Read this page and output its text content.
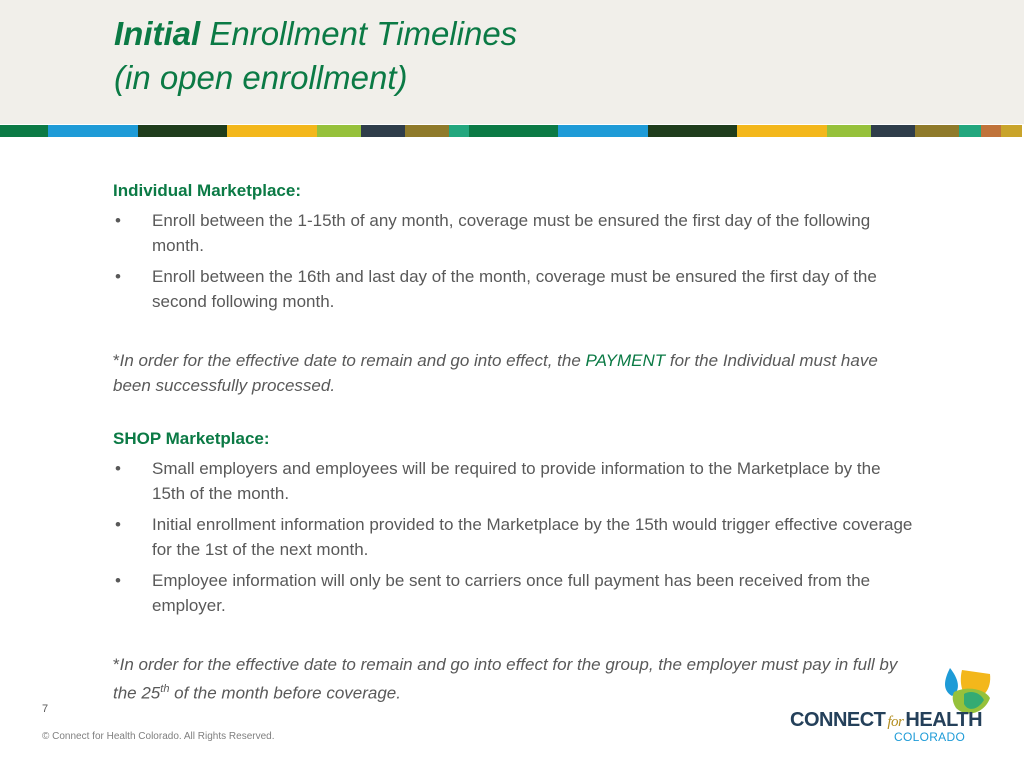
Initial Enrollment Timelines
(in open enrollment)

Individual Marketplace:

• Enroll between the 1-15th of any month, coverage must be ensured the first day of the following month.
• Enroll between the 16th and last day of the month, coverage must be ensured the first day of the second following month.

*In order for the effective date to remain and go into effect, the PAYMENT for the Individual must have been successfully processed.

SHOP Marketplace:

• Small employers and employees will be required to provide information to the Marketplace by the 15th of the month.
• Initial enrollment information provided to the Marketplace by the 15th would trigger effective coverage for the 1st of the next month.
• Employee information will only be sent to carriers once full payment has been received from the employer.

*In order for the effective date to remain and go into effect for the group, the employer must pay in full by the 25th of the month before coverage.

7
© Connect for Health Colorado. All Rights Reserved.
CONNECT for HEALTH
COLORADO
